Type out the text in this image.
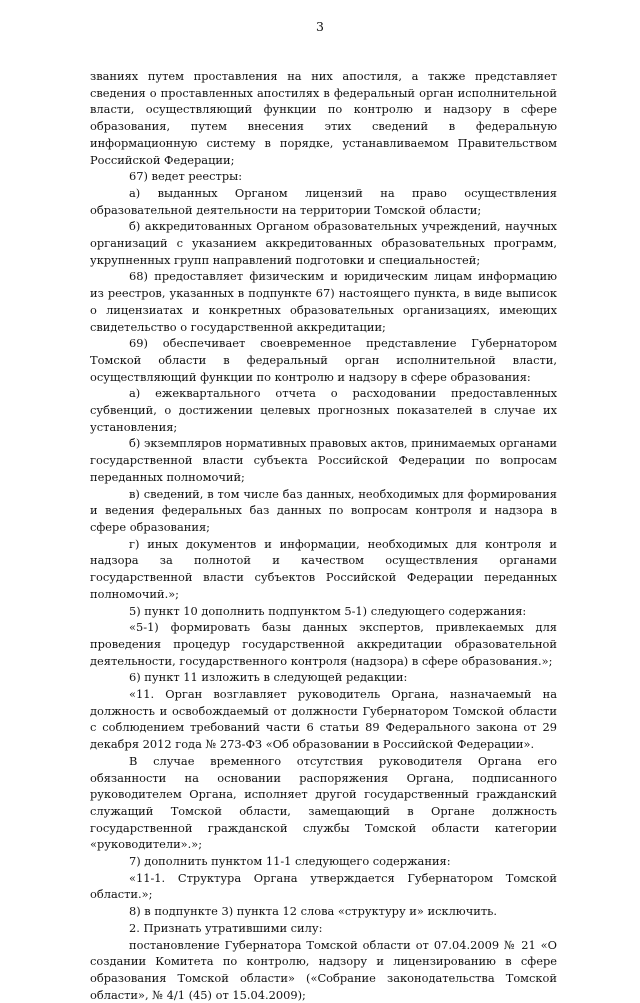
3

званиях путем проставления на них апостиля, а также представляет сведения о проставленных апостилях в федеральный орган исполнительной власти, осуществляющий функции по контролю и надзору в сфере образования, путем внесения этих сведений в федеральную информационную систему в порядке, устанавливаемом Правительством Российской Федерации;

67) ведет реестры:

а) выданных Органом лицензий на право осуществления образовательной деятельности на территории Томской области;

б) аккредитованных Органом образовательных учреждений, научных организаций с указанием аккредитованных образовательных программ, укрупненных групп направлений подготовки и специальностей;

68) предоставляет физическим и юридическим лицам информацию из реестров, указанных в подпункте 67) настоящего пункта, в виде выписок о лицензиатах и конкретных образовательных организациях, имеющих свидетельство о государственной аккредитации;

69) обеспечивает своевременное представление Губернатором Томской области в федеральный орган исполнительной власти, осуществляющий функции по контролю и надзору в сфере образования:

а) ежеквартального отчета о расходовании предоставленных субвенций, о достижении целевых прогнозных показателей в случае их установления;

б) экземпляров нормативных правовых актов, принимаемых органами государственной власти субъекта Российской Федерации по вопросам переданных полномочий;

в) сведений, в том числе баз данных, необходимых для формирования и ведения федеральных баз данных по вопросам контроля и надзора в сфере образования;

г) иных документов и информации, необходимых для контроля и надзора за полнотой и качеством осуществления органами государственной власти субъектов Российской Федерации переданных полномочий.»;

5) пункт 10 дополнить подпунктом 5-1) следующего содержания:

«5-1) формировать базы данных экспертов, привлекаемых для проведения процедур государственной аккредитации образовательной деятельности, государственного контроля (надзора) в сфере образования.»;

6) пункт 11 изложить в следующей редакции:

«11. Орган возглавляет руководитель Органа, назначаемый на должность и освобождаемый от должности Губернатором Томской области с соблюдением требований части 6 статьи 89 Федерального закона от 29 декабря 2012 года № 273-ФЗ «Об образовании в Российской Федерации».

В случае временного отсутствия руководителя Органа его обязанности на основании распоряжения Органа, подписанного руководителем Органа, исполняет другой государственный гражданский служащий Томской области, замещающий в Органе должность государственной гражданской службы Томской области категории «руководители».»;

7) дополнить пунктом 11-1 следующего содержания:

«11-1. Структура Органа утверждается Губернатором Томской области.»;

8) в подпункте 3) пункта 12 слова «структуру и» исключить.

2. Признать утратившими силу:

постановление Губернатора Томской области от 07.04.2009 № 21 «О создании Комитета по контролю, надзору и лицензированию в сфере образования Томской области» («Собрание законодательства Томской области», № 4/1 (45) от 15.04.2009);
